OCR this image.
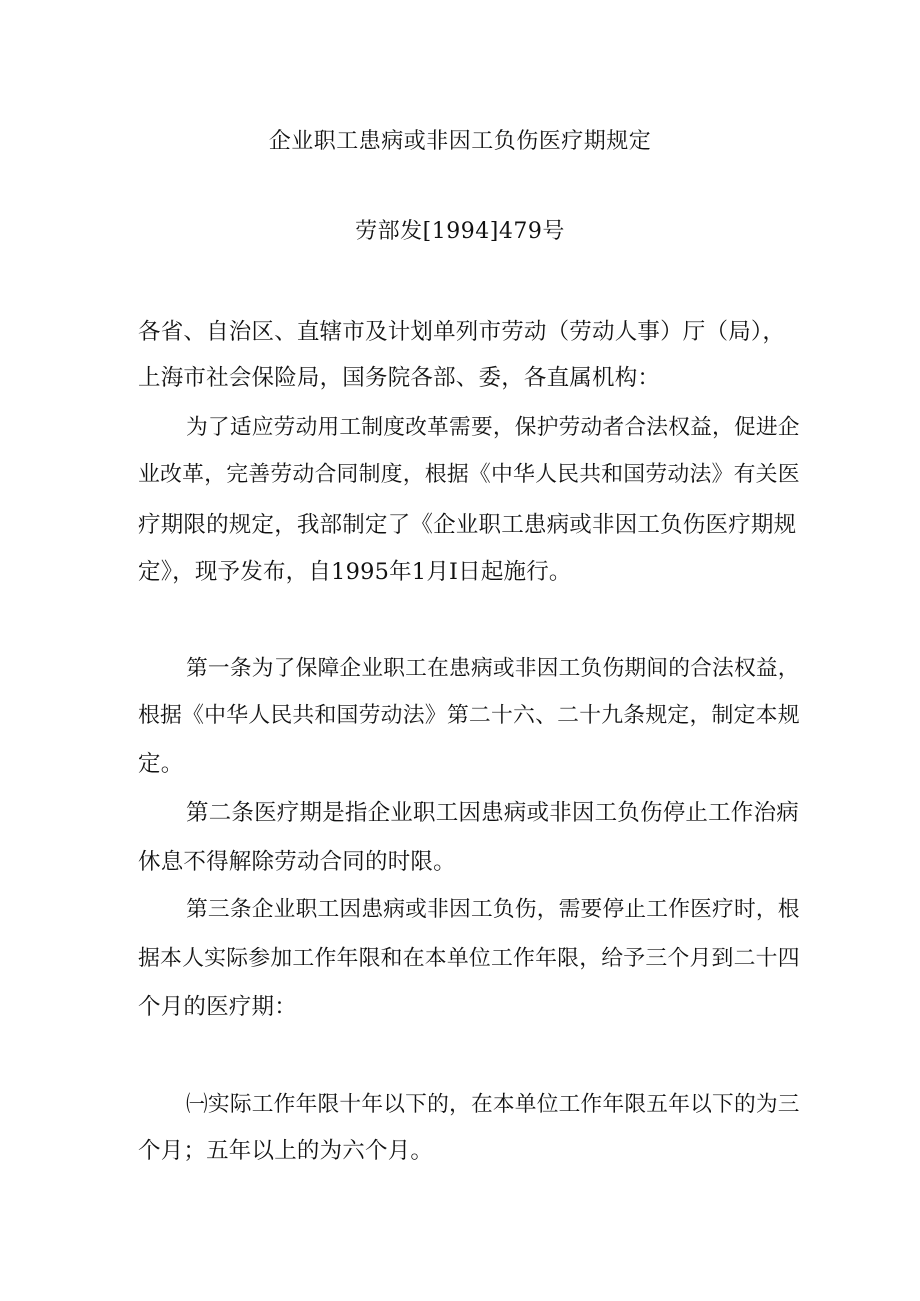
企业职工患病或非因工负伤医疗期规定
劳部发[1994]479号
各省、自治区、直辖市及计划单列市劳动（劳动人事）厅（局），
上海市社会保险局，国务院各部、委，各直属机构：
为了适应劳动用工制度改革需要，保护劳动者合法权益，促进企
业改革，完善劳动合同制度，根据《中华人民共和国劳动法》有关医
疗期限的规定，我部制定了《企业职工患病或非因工负伤医疗期规
定》，现予发布，自1995年1月Ⅰ日起施行。
第一条为了保障企业职工在患病或非因工负伤期间的合法权益，
根据《中华人民共和国劳动法》第二十六、二十九条规定，制定本规
定。
第二条医疗期是指企业职工因患病或非因工负伤停止工作治病
休息不得解除劳动合同的时限。
第三条企业职工因患病或非因工负伤，需要停止工作医疗时，根
据本人实际参加工作年限和在本单位工作年限，给予三个月到二十四
个月的医疗期：
㈠实际工作年限十年以下的，在本单位工作年限五年以下的为三
个月；五年以上的为六个月。
